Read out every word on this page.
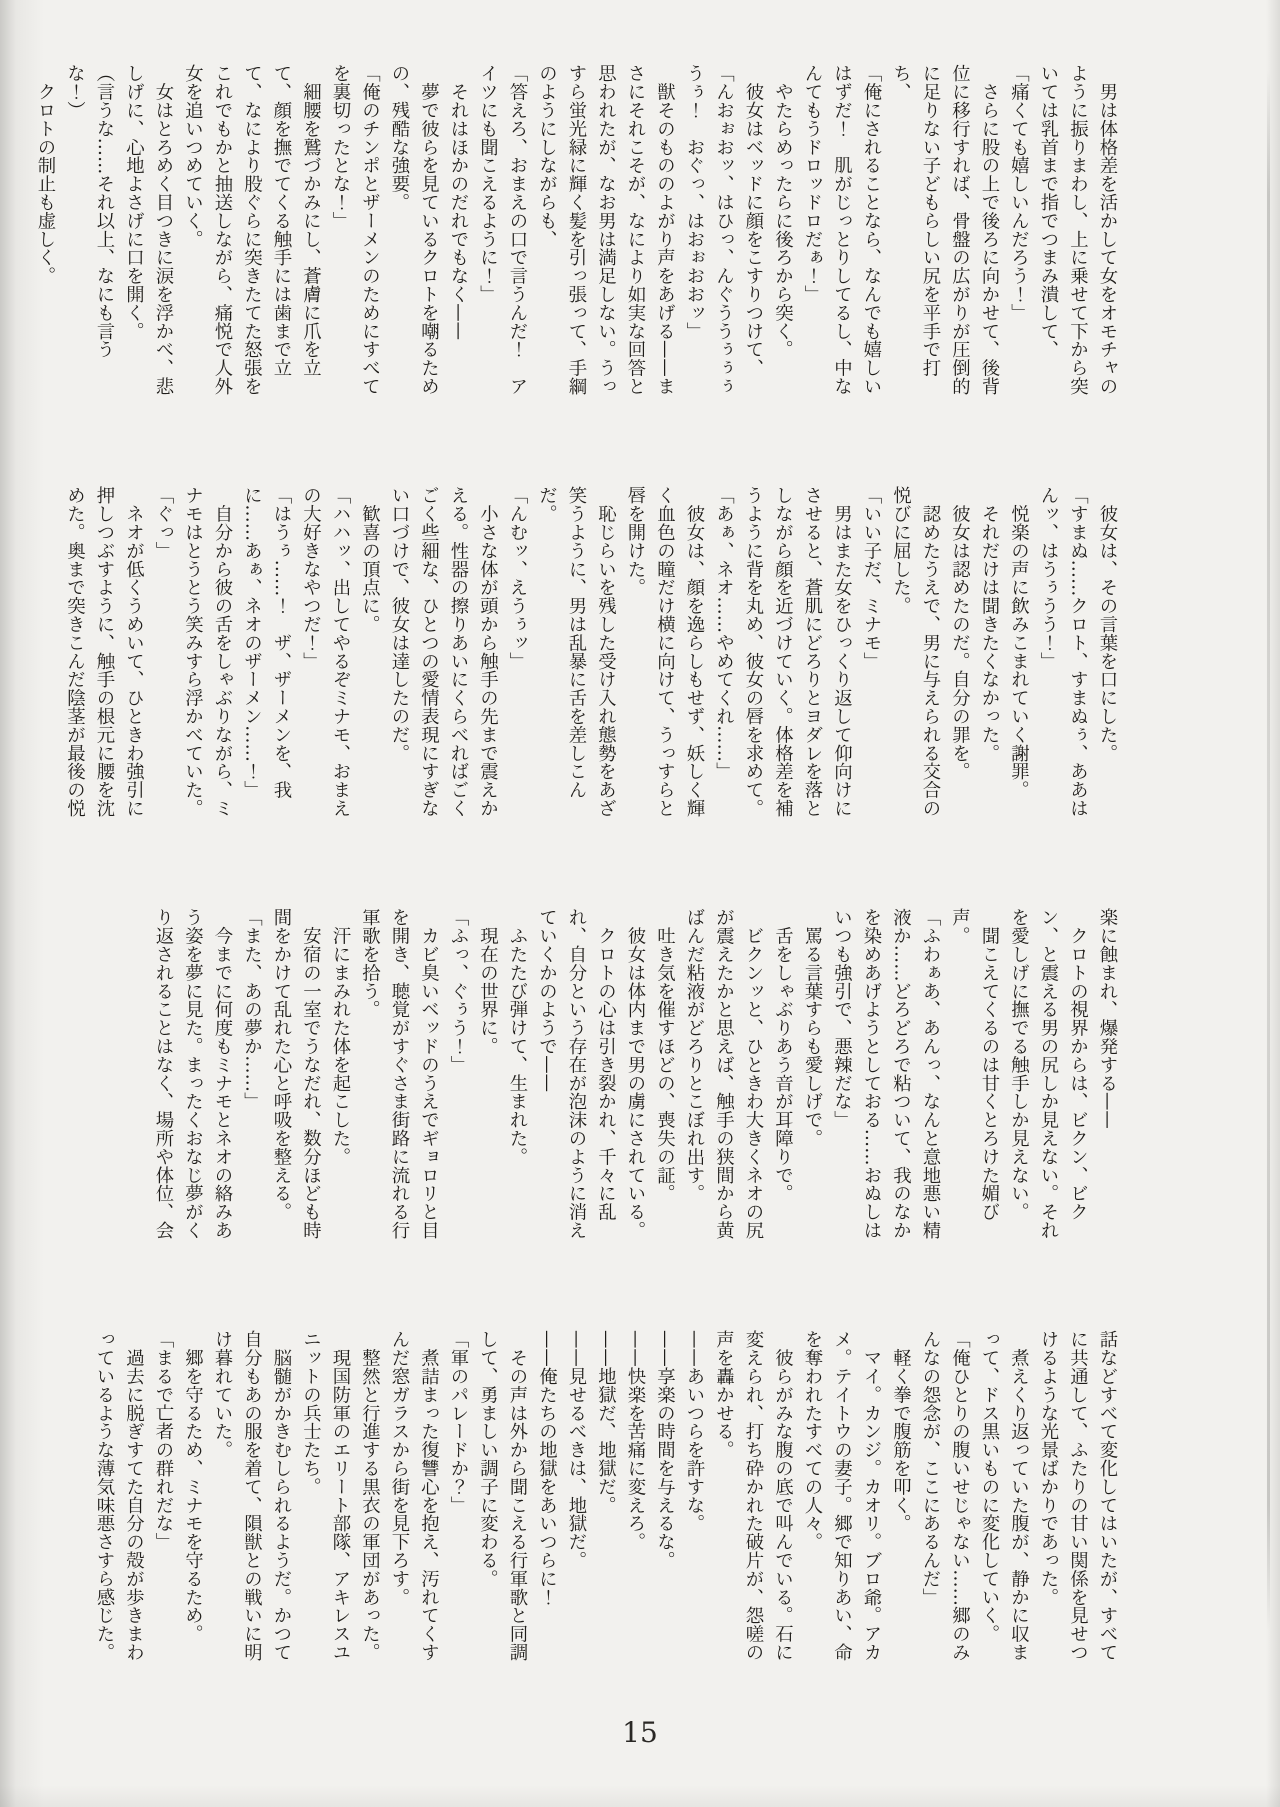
　男は体格差を活かして女をオモチャのように振りまわし、上に乗せて下から突いては乳首まで指でつまみ潰して、

「痛くても嬉しいんだろう！」

　さらに股の上で後ろに向かせて、後背位に移行すれば、骨盤の広がりが圧倒的に足りない子どもらしい尻を平手で打ち、

「俺にされることなら、なんでも嬉しいはずだ！　肌がじっとりしてるし、中なんてもうドロッドロだぁ！」

　やたらめったらに後ろから突く。

　彼女はベッドに顔をこすりつけて、

「んおぉおッ、はひっ、んぐううぅぅぅうぅ！　おぐっ、はおぉおおッ」

　獣そのもののよがり声をあげる——まさにそれこそが、なにより如実な回答と思われたが、なお男は満足しない。うっすら蛍光緑に輝く髪を引っ張って、手綱のようにしながらも、

「答えろ、おまえの口で言うんだ！　アイツにも聞こえるように！」

　それはほかのだれでもなく——

　夢で彼らを見ているクロトを嘲るための、残酷な強要。

「俺のチンポとザーメンのためにすべてを裏切ったとな！」

　細腰を鷲づかみにし、蒼膚に爪を立て、顔を撫でてくる触手には歯まで立て、なにより股ぐらに突きたてた怒張をこれでもかと抽送しながら、痛悦で人外女を追いつめていく。

　女はとろめく目つきに涙を浮かべ、悲しげに、心地よさげに口を開く。

（言うな……それ以上、なにも言うな！）

　クロトの制止も虚しく。

　彼女は、その言葉を口にした。

「すまぬ……クロト、すまぬぅ、ああはんッ、はうぅうう！」

　悦楽の声に飲みこまれていく謝罪。

　それだけは聞きたくなかった。

　彼女は認めたのだ。自分の罪を。

　認めたうえで、男に与えられる交合の悦びに屈した。

「いい子だ、ミナモ」

　男はまた女をひっくり返して仰向けにさせると、蒼肌にどろりとヨダレを落としながら顔を近づけていく。体格差を補うように背を丸め、彼女の唇を求めて。

「あぁ、ネオ……やめてくれ……」

　彼女は、顔を逸らしもせず、妖しく輝く血色の瞳だけ横に向けて、うっすらと唇を開けた。

　恥じらいを残した受け入れ態勢をあざ笑うように、男は乱暴に舌を差しこんだ。

「んむッ、えうぅッ」

　小さな体が頭から触手の先まで震えかえる。性器の擦りあいにくらべればごくごく些細な、ひとつの愛情表現にすぎない口づけで、彼女は達したのだ。

　歓喜の頂点に。

「ハハッ、出してやるぞミナモ、おまえの大好きなやつだ！」

「はうぅ……！　ザ、ザーメンを、我に……あぁ、ネオのザーメン……！」

　自分から彼の舌をしゃぶりながら、ミナモはとうとう笑みすら浮かべていた。

「ぐっ」

　ネオが低くうめいて、ひときわ強引に押しつぶすように、触手の根元に腰を沈めた。奥まで突きこんだ陰茎が最後の悦

楽に蝕まれ、爆発する——

　クロトの視界からは、ビクン、ビクン、と震える男の尻しか見えない。それを愛しげに撫でる触手しか見えない。

　聞こえてくるのは甘くとろけた媚び声。

「ふわぁあ、あんっ、なんと意地悪い精液か……どろどろで粘ついて、我のなかを染めあげようとしておる……おぬしはいつも強引で、悪辣だな」

　罵る言葉すらも愛しげで。

　舌をしゃぶりあう音が耳障りで。

　ビクンッと、ひときわ大きくネオの尻が震えたかと思えば、触手の狭間から黄ばんだ粘液がどろりとこぼれ出す。

　吐き気を催すほどの、喪失の証。

　彼女は体内まで男の虜にされている。

　クロトの心は引き裂かれ、千々に乱れ、自分という存在が泡沫のように消えていくかのようで——

　ふたたび弾けて、生まれた。

　現在の世界に。

「ふっ、ぐぅう！」

　カビ臭いベッドのうえでギョロリと目を開き、聴覚がすぐさま街路に流れる行軍歌を拾う。

　汗にまみれた体を起こした。

　安宿の一室でうなだれ、数分ほども時間をかけて乱れた心と呼吸を整える。

「また、あの夢か……」

　今までに何度もミナモとネオの絡みあう姿を夢に見た。まったくおなじ夢がくり返されることはなく、場所や体位、会

話などすべて変化してはいたが、すべてに共通して、ふたりの甘い関係を見せつけるような光景ばかりであった。

　煮えくり返っていた腹が、静かに収まって、ドス黒いものに変化していく。

「俺ひとりの腹いせじゃない……郷のみんなの怨念が、ここにあるんだ」

　軽く拳で腹筋を叩く。

　マイ。カンジ。カオリ。ブロ爺。アカメ。テイトウの妻子。郷で知りあい、命を奪われたすべての人々。

　彼らがみな腹の底で叫んでいる。石に変えられ、打ち砕かれた破片が、怨嗟の声を轟かせる。

——あいつらを許すな。

——享楽の時間を与えるな。

——快楽を苦痛に変えろ。

——地獄だ、地獄だ。

——見せるべきは、地獄だ。

——俺たちの地獄をあいつらに！

　その声は外から聞こえる行軍歌と同調して、勇ましい調子に変わる。

「軍のパレードか？」

　煮詰まった復讐心を抱え、汚れてくすんだ窓ガラスから街を見下ろす。

　整然と行進する黒衣の軍団があった。

　現国防軍のエリート部隊、アキレスユニットの兵士たち。

　脳髄がかきむしられるようだ。かつて自分もあの服を着て、隕獣との戦いに明け暮れていた。

　郷を守るため、ミナモを守るため。

「まるで亡者の群れだな」

　過去に脱ぎすてた自分の殻が歩きまわっているような薄気味悪さすら感じた。

15
